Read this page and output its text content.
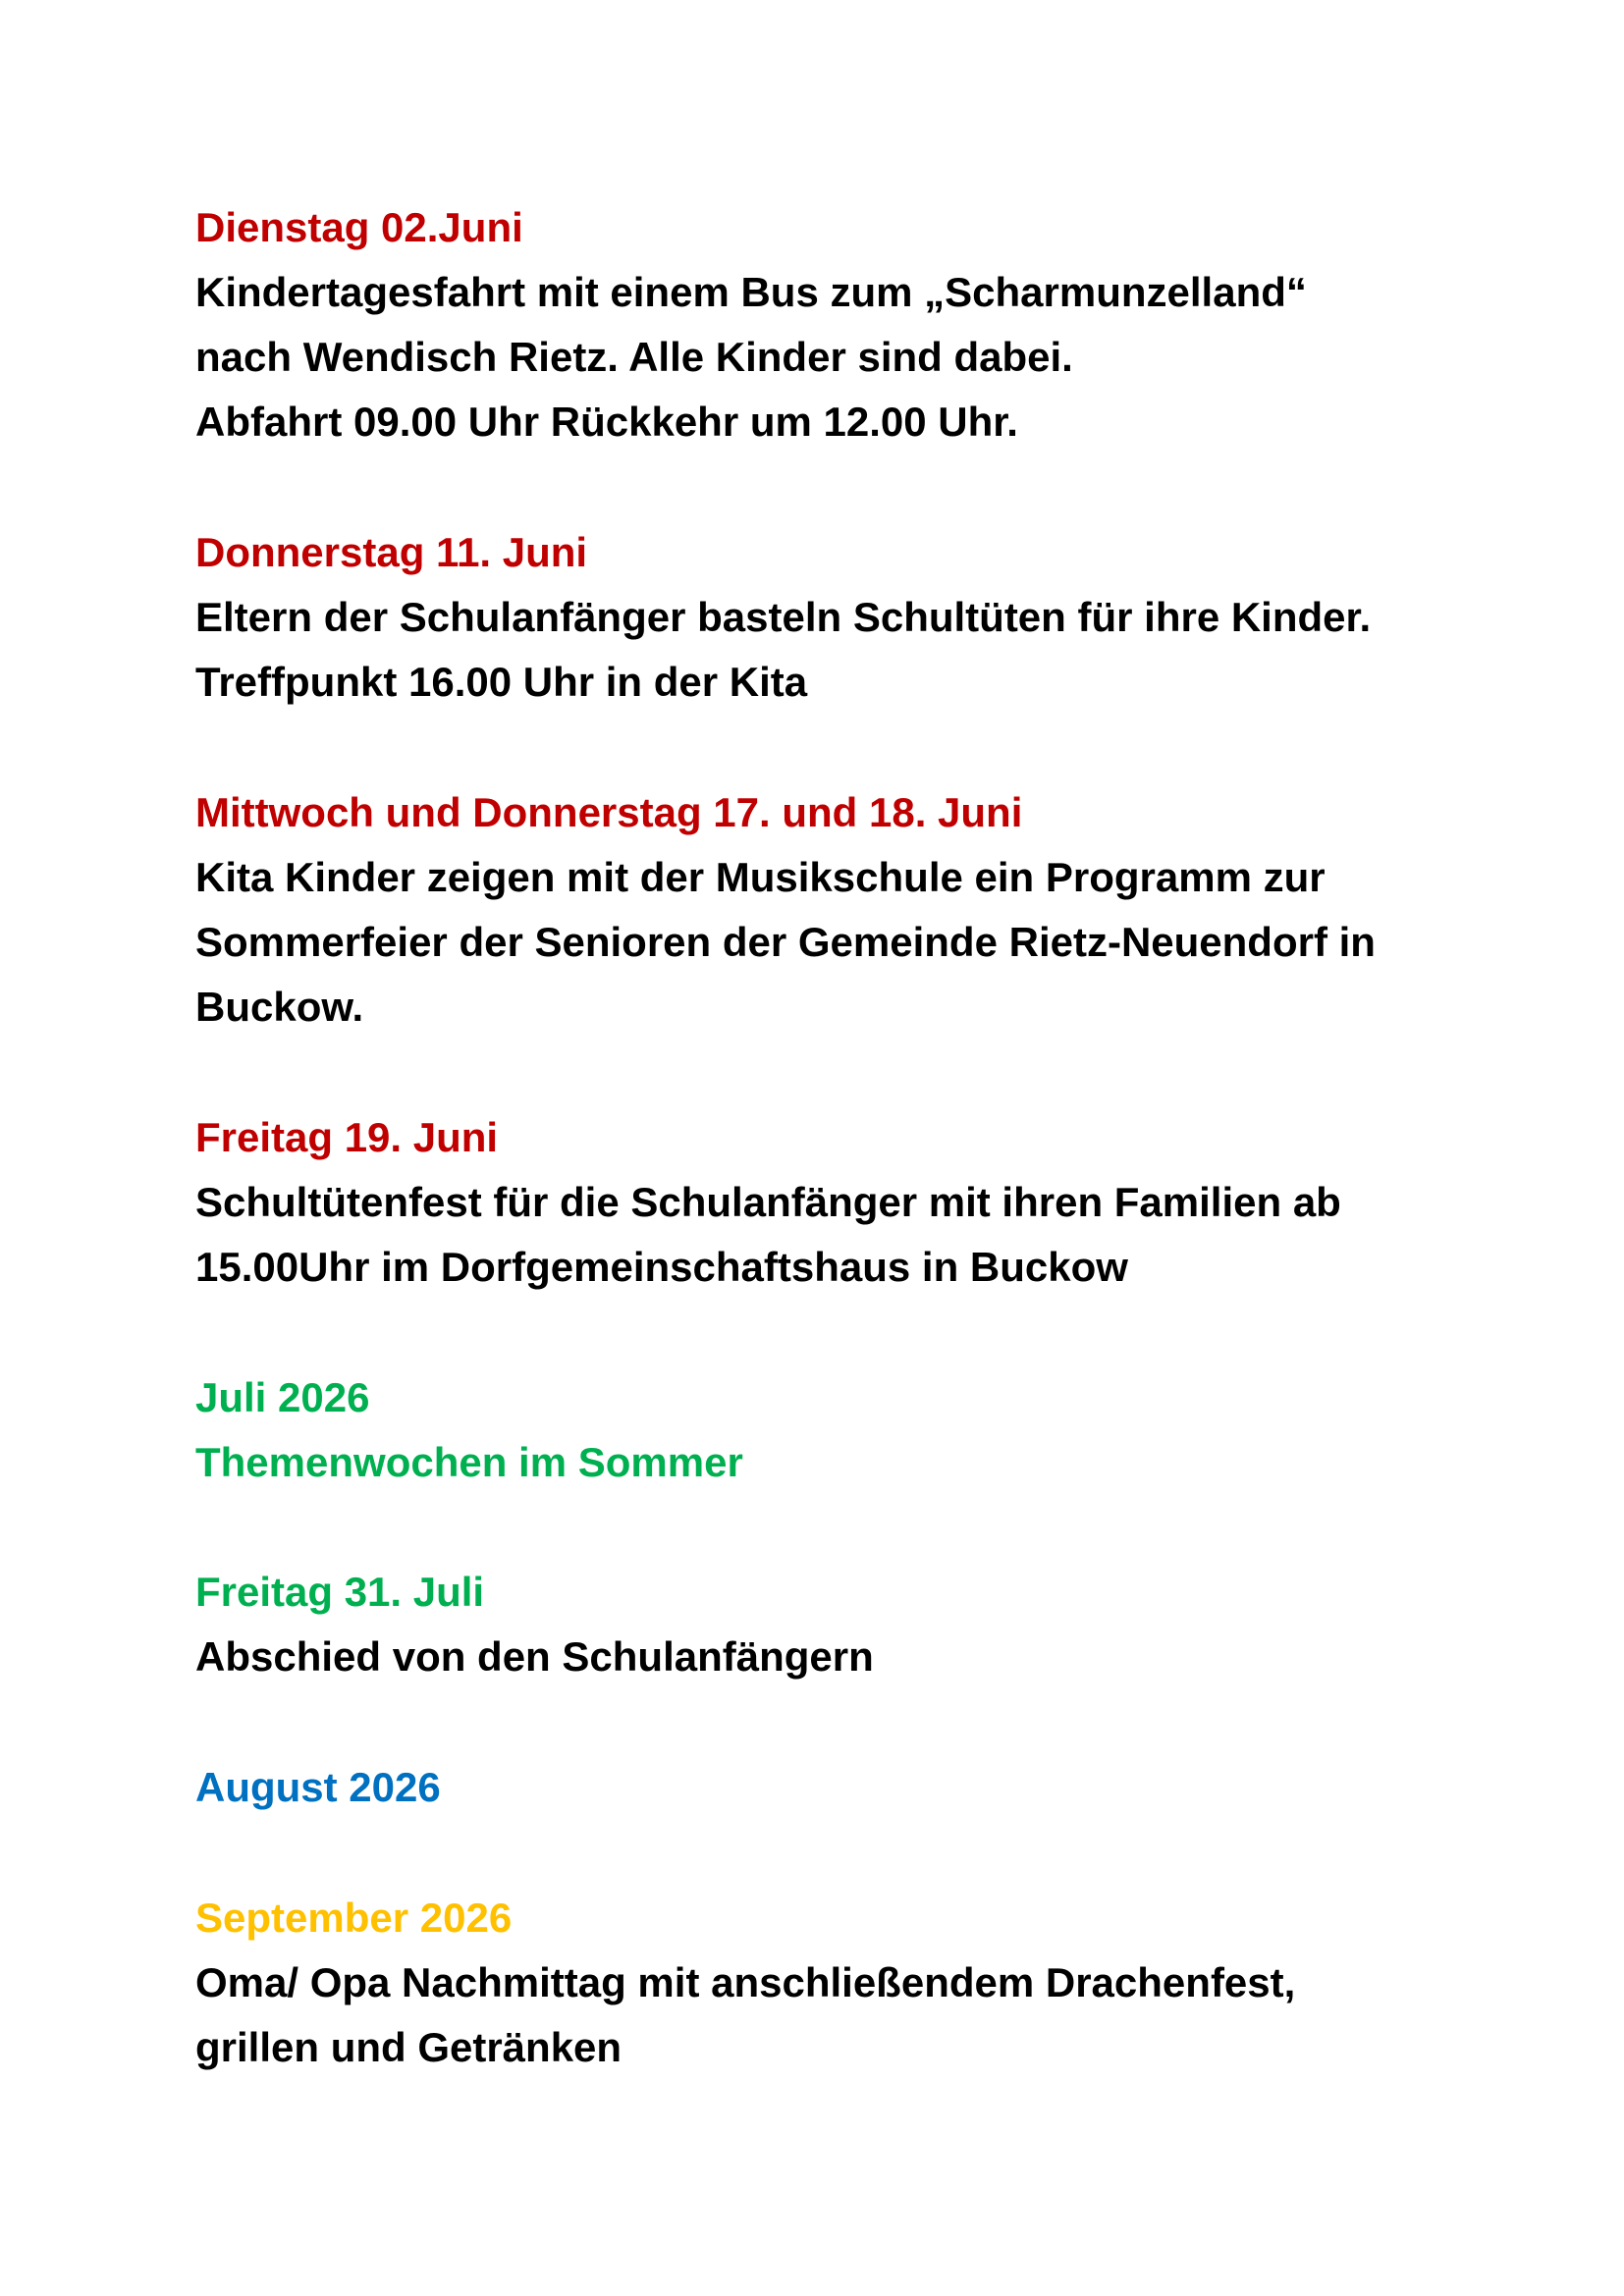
Dienstag 02.Juni

Kindertagesfahrt mit einem Bus zum „Scharmunzelland“

nach Wendisch Rietz. Alle Kinder sind dabei.

Abfahrt 09.00 Uhr Rückkehr um 12.00 Uhr.

Donnerstag 11. Juni

Eltern der Schulanfänger basteln Schultüten für ihre Kinder.

Treffpunkt 16.00 Uhr in der Kita

Mittwoch und Donnerstag 17. und 18. Juni

Kita Kinder zeigen mit der Musikschule ein Programm zur

Sommerfeier der Senioren der Gemeinde Rietz-Neuendorf in

Buckow.

Freitag 19. Juni

Schultütenfest für die Schulanfänger mit ihren Familien ab

15.00Uhr im Dorfgemeinschaftshaus in Buckow

Juli 2026

Themenwochen im Sommer

Freitag 31. Juli

Abschied von den Schulanfängern

August 2026

September 2026

Oma/ Opa Nachmittag mit anschließendem Drachenfest,

grillen und Getränken
